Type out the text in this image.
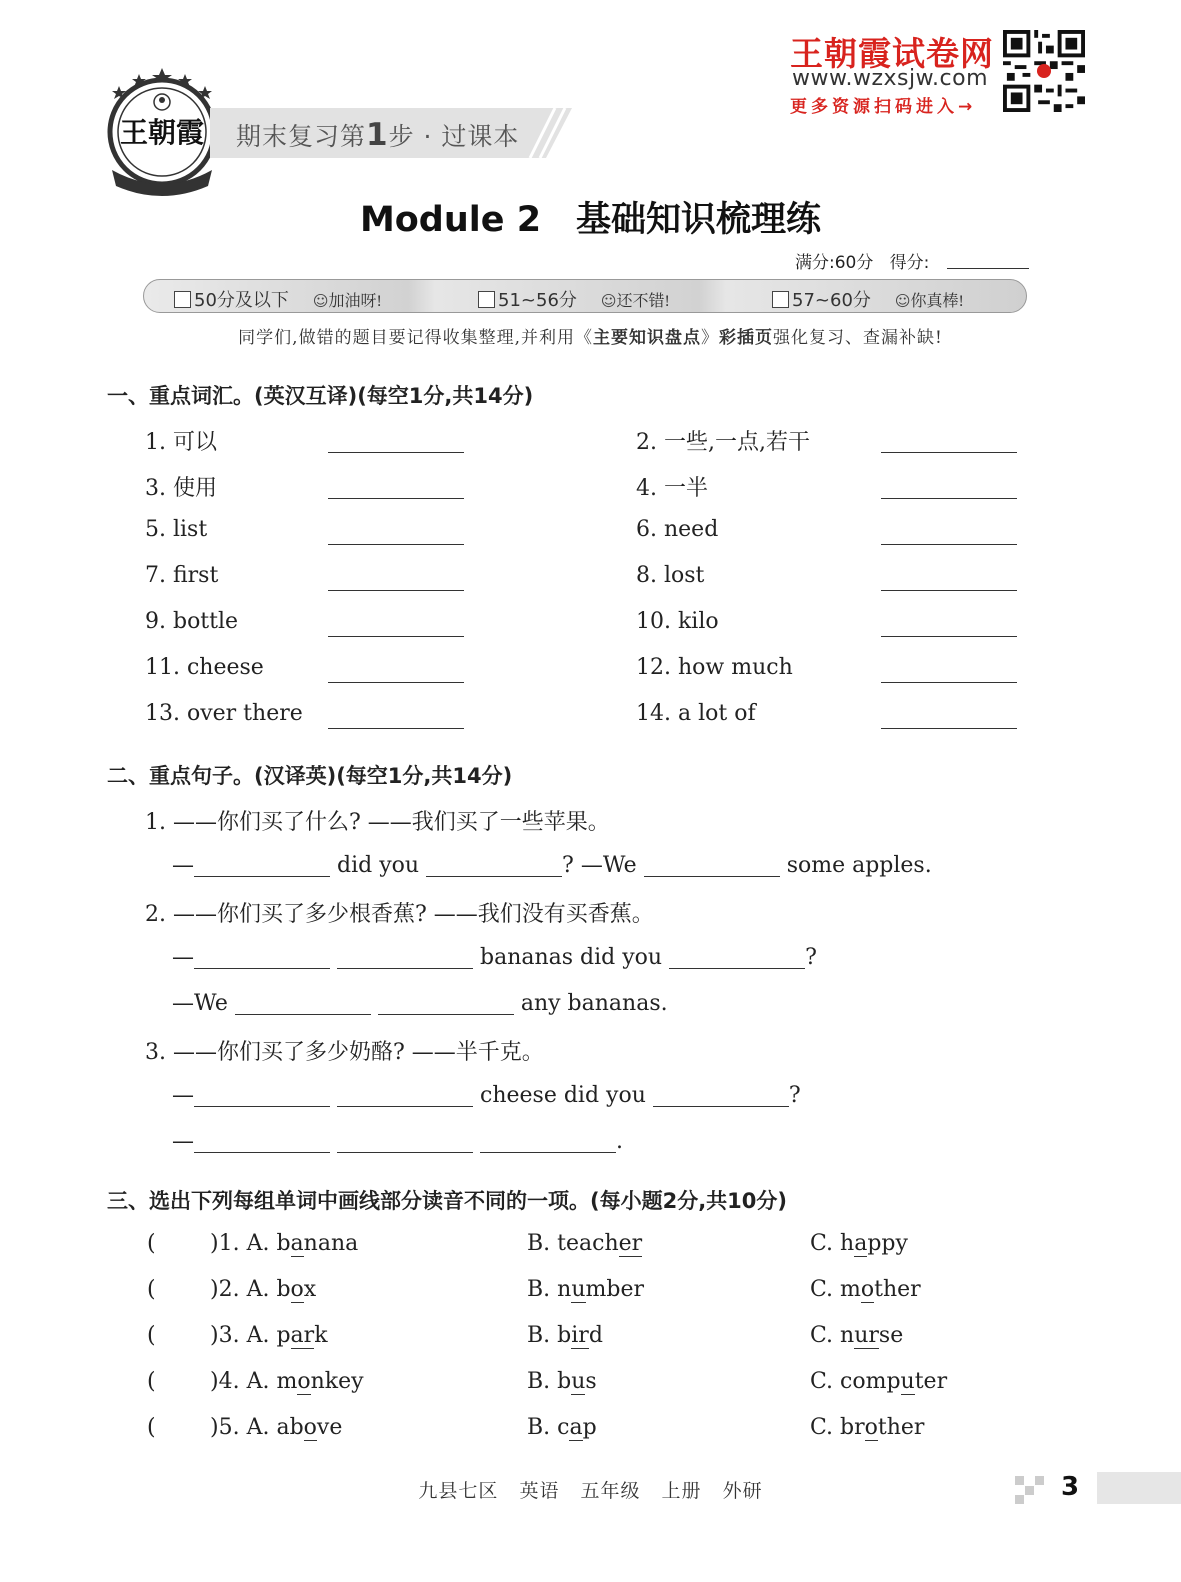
王朝霞 期末复习第1步 · 过课本
王朝霞试卷网
www.wzxsjw.com
更多资源扫码进入→
Module 2　基础知识梳理练
满分:60分 得分:
50分及以下 ☺加油呀!	51~56分 ☺还不错!	57~60分 ☺你真棒!
同学们,做错的题目要记得收集整理,并利用《主要知识盘点》彩插页强化复习、查漏补缺!
一、重点词汇。(英汉互译)(每空1分,共14分)
1. 可以	2. 一些,一点,若干
3. 使用	4. 一半
5. list	6. need
7. first	8. lost
9. bottle	10. kilo
11. cheese	12. how much
13. over there	14. a lot of
二、重点句子。(汉译英)(每空1分,共14分)
1. ——你们买了什么? ——我们买了一些苹果。
—	did you	? —We	some apples.
2. ——你们买了多少根香蕉? ——我们没有买香蕉。
—	bananas did you	?
—We	any bananas.
3. ——你们买了多少奶酪? ——半千克。
—	cheese did you	?
—	.
三、选出下列每组单词中画线部分读音不同的一项。(每小题2分,共10分)
( )1. A. banana	B. teacher	C. happy
( )2. A. box	B. number	C. mother
( )3. A. park	B. bird	C. nurse
( )4. A. monkey	B. bus	C. computer
( )5. A. above	B. cap	C. brother
九县七区 英语 五年级 上册 外研	3
